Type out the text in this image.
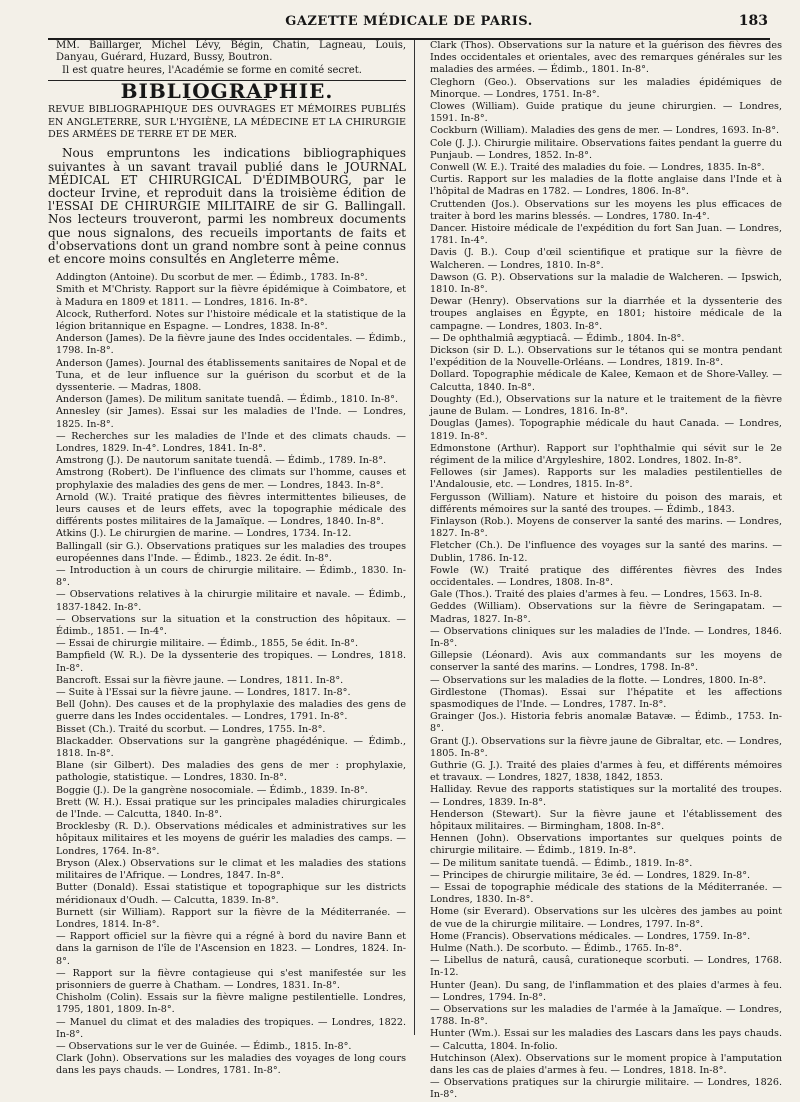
GAZETTE MÉDICALE DE PARIS.	183

MM. Baillarger, Michel Lévy, Bégin, Chatin, Lagneau, Louis, Danyau, Guérard, Huzard, Bussy, Boutron.

Il est quatre heures, l'Académie se forme en comité secret.

BIBLIOGRAPHIE.

REVUE BIBLIOGRAPHIQUE DES OUVRAGES ET MÉMOIRES PUBLIÉS EN ANGLETERRE, SUR L'HYGIÈNE, LA MÉDECINE ET LA CHIRURGIE DES ARMÉES DE TERRE ET DE MER.

Nous empruntons les indications bibliographiques suivantes à un savant travail publié dans le JOURNAL MÉDICAL ET CHIRURGICAL D'ÉDIMBOURG, par le docteur Irvine, et reproduit dans la troisième édition de l'ESSAI DE CHIRURGIE MILITAIRE de sir G. Ballingall. Nos lecteurs trouveront, parmi les nombreux documents que nous signalons, des recueils importants de faits et d'observations dont un grand nombre sont à peine connus et encore moins consultés en Angleterre même.

Addington (Antoine). Du scorbut de mer. — Édimb., 1783. In-8°.

Smith et M'Christy. Rapport sur la fièvre épidémique à Coimbatore, et à Madura en 1809 et 1811. — Londres, 1816. In-8°.

Alcock, Rutherford. Notes sur l'histoire médicale et la statistique de la légion britannique en Espagne. — Londres, 1838. In-8°.

Anderson (James). De la fièvre jaune des Indes occidentales. — Édimb., 1798. In-8°.

Anderson (James). Journal des établissements sanitaires de Nopal et de Tuna, et de leur influence sur la guérison du scorbut et de la dyssenterie. — Madras, 1808.

Anderson (James). De militum sanitate tuendâ. — Édimb., 1810. In-8°.

Annesley (sir James). Essai sur les maladies de l'Inde. — Londres, 1825. In-8°.

— Recherches sur les maladies de l'Inde et des climats chauds. — Londres, 1829. In-4°. Londres, 1841. In-8°.

Amstrong (J.). De nautorum sanitate tuendâ. — Édimb., 1789. In-8°.

Amstrong (Robert). De l'influence des climats sur l'homme, causes et prophylaxie des maladies des gens de mer. — Londres, 1843. In-8°.

Arnold (W.). Traité pratique des fièvres intermittentes bilieuses, de leurs causes et de leurs effets, avec la topographie médicale des différents postes militaires de la Jamaïque. — Londres, 1840. In-8°.

Atkins (J.). Le chirurgien de marine. — Londres, 1734. In-12.

Ballingall (sir G.). Observations pratiques sur les maladies des troupes européennes dans l'Inde. — Édimb., 1823. 2e édit. In-8°.

— Introduction à un cours de chirurgie militaire. — Édimb., 1830. In-8°.

— Observations relatives à la chirurgie militaire et navale. — Édimb., 1837-1842. In-8°.

— Observations sur la situation et la construction des hôpitaux. — Édimb., 1851. — In-4°.

— Essai de chirurgie militaire. — Édimb., 1855, 5e édit. In-8°.

Bampfield (W. R.). De la dyssenterie des tropiques. — Londres, 1818. In-8°.

Bancroft. Essai sur la fièvre jaune. — Londres, 1811. In-8°.

— Suite à l'Essai sur la fièvre jaune. — Londres, 1817. In-8°.

Bell (John). Des causes et de la prophylaxie des maladies des gens de guerre dans les Indes occidentales. — Londres, 1791. In-8°.

Bisset (Ch.). Traité du scorbut. — Londres, 1755. In-8°.

Blackadder. Observations sur la gangrène phagédénique. — Édimb., 1818. In-8°.

Blane (sir Gilbert). Des maladies des gens de mer : prophylaxie, pathologie, statistique. — Londres, 1830. In-8°.

Boggie (J.). De la gangrène nosocomiale. — Édimb., 1839. In-8°.

Brett (W. H.). Essai pratique sur les principales maladies chirurgicales de l'Inde. — Calcutta, 1840. In-8°.

Brocklesby (R. D.). Observations médicales et administratives sur les hôpitaux militaires et les moyens de guérir les maladies des camps. — Londres, 1764. In-8°.

Bryson (Alex.) Observations sur le climat et les maladies des stations militaires de l'Afrique. — Londres, 1847. In-8°.

Butter (Donald). Essai statistique et topographique sur les districts méridionaux d'Oudh. — Calcutta, 1839. In-8°.

Burnett (sir William). Rapport sur la fièvre de la Méditerranée. — Londres, 1814. In-8°.

— Rapport officiel sur la fièvre qui a régné à bord du navire Bann et dans la garnison de l'île de l'Ascension en 1823. — Londres, 1824. In-8°.

— Rapport sur la fièvre contagieuse qui s'est manifestée sur les prisonniers de guerre à Chatham. — Londres, 1831. In-8°.

Chisholm (Colin). Essais sur la fièvre maligne pestilentielle. Londres, 1795, 1801, 1809. In-8°.

— Manuel du climat et des maladies des tropiques. — Londres, 1822. In-8°.

— Observations sur le ver de Guinée. — Édimb., 1815. In-8°.

Clark (John). Observations sur les maladies des voyages de long cours dans les pays chauds. — Londres, 1781. In-8°.

Clark (Thos). Observations sur la nature et la guérison des fièvres des Indes occidentales et orientales, avec des remarques générales sur les maladies des armées. — Édimb., 1801. In-8°.

Cleghorn (Geo.). Observations sur les maladies épidémiques de Minorque. — Londres, 1751. In-8°.

Clowes (William). Guide pratique du jeune chirurgien. — Londres, 1591. In-8°.

Cockburn (William). Maladies des gens de mer. — Londres, 1693. In-8°.

Cole (J. J.). Chirurgie militaire. Observations faites pendant la guerre du Punjaub. — Londres, 1852. In-8°.

Conwell (W. E.). Traité des maladies du foie. — Londres, 1835. In-8°.

Curtis. Rapport sur les maladies de la flotte anglaise dans l'Inde et à l'hôpital de Madras en 1782. — Londres, 1806. In-8°.

Cruttenden (Jos.). Observations sur les moyens les plus efficaces de traiter à bord les marins blessés. — Londres, 1780. In-4°.

Dancer. Histoire médicale de l'expédition du fort San Juan. — Londres, 1781. In-4°.

Davis (J. B.). Coup d'œil scientifique et pratique sur la fièvre de Walcheren. — Londres, 1810. In-8°.

Dawson (G. P.). Observations sur la maladie de Walcheren. — Ipswich, 1810. In-8°.

Dewar (Henry). Observations sur la diarrhée et la dyssenterie des troupes anglaises en Égypte, en 1801; histoire médicale de la campagne. — Londres, 1803. In-8°.

— De ophthalmiâ ægyptiacâ. — Édimb., 1804. In-8°.

Dickson (sir D. L.). Observations sur le tétanos qui se montra pendant l'expédition de la Nouvelle-Orléans. — Londres, 1819. In-8°.

Dollard. Topographie médicale de Kalee, Kemaon et de Shore-Valley. — Calcutta, 1840. In-8°.

Doughty (Ed.), Observations sur la nature et le traitement de la fièvre jaune de Bulam. — Londres, 1816. In-8°.

Douglas (James). Topographie médicale du haut Canada. — Londres, 1819. In-8°.

Edmonstone (Arthur). Rapport sur l'ophthalmie qui sévit sur le 2e régiment de la milice d'Argyleshire, 1802. Londres, 1802. In-8°.

Fellowes (sir James). Rapports sur les maladies pestilentielles de l'Andalousie, etc. — Londres, 1815. In-8°.

Fergusson (William). Nature et histoire du poison des marais, et différents mémoires sur la santé des troupes. — Édimb., 1843.

Finlayson (Rob.). Moyens de conserver la santé des marins. — Londres, 1827. In-8°.

Fletcher (Ch.). De l'influence des voyages sur la santé des marins. — Dublin, 1786. In-12.

Fowle (W.) Traité pratique des différentes fièvres des Indes occidentales. — Londres, 1808. In-8°.

Gale (Thos.). Traité des plaies d'armes à feu. — Londres, 1563. In-8.

Geddes (William). Observations sur la fièvre de Seringapatam. — Madras, 1827. In-8°.

— Observations cliniques sur les maladies de l'Inde. — Londres, 1846. In-8°.

Gillepsie (Léonard). Avis aux commandants sur les moyens de conserver la santé des marins. — Londres, 1798. In-8°.

— Observations sur les maladies de la flotte. — Londres, 1800. In-8°.

Girdlestone (Thomas). Essai sur l'hépatite et les affections spasmodiques de l'Inde. — Londres, 1787. In-8°.

Grainger (Jos.). Historia febris anomalæ Batavæ. — Édimb., 1753. In-8°.

Grant (J.). Observations sur la fièvre jaune de Gibraltar, etc. — Londres, 1805. In-8°.

Guthrie (G. J.). Traité des plaies d'armes à feu, et différents mémoires et travaux. — Londres, 1827, 1838, 1842, 1853.

Halliday. Revue des rapports statistiques sur la mortalité des troupes. — Londres, 1839. In-8°.

Henderson (Stewart). Sur la fièvre jaune et l'établissement des hôpitaux militaires. — Birmingham, 1808. In-8°.

Hennen (John). Observations importantes sur quelques points de chirurgie militaire. — Édimb., 1819. In-8°.

— De militum sanitate tuendâ. — Édimb., 1819. In-8°.

— Principes de chirurgie militaire, 3e éd. — Londres, 1829. In-8°.

— Essai de topographie médicale des stations de la Méditerranée. — Londres, 1830. In-8°.

Home (sir Everard). Observations sur les ulcères des jambes au point de vue de la chirurgie militaire. — Londres, 1797. In-8°.

Home (Francis). Observations médicales. — Londres, 1759. In-8°.

Hulme (Nath.). De scorbuto. — Édimb., 1765. In-8°.

— Libellus de naturâ, causâ, curationeque scorbuti. — Londres, 1768. In-12.

Hunter (Jean). Du sang, de l'inflammation et des plaies d'armes à feu. — Londres, 1794. In-8°.

— Observations sur les maladies de l'armée à la Jamaïque. — Londres, 1788. In-8°.

Hunter (Wm.). Essai sur les maladies des Lascars dans les pays chauds. — Calcutta, 1804. In-folio.

Hutchinson (Alex). Observations sur le moment propice à l'amputation dans les cas de plaies d'armes à feu. — Londres, 1818. In-8°.

— Observations pratiques sur la chirurgie militaire. — Londres, 1826. In-8°.
